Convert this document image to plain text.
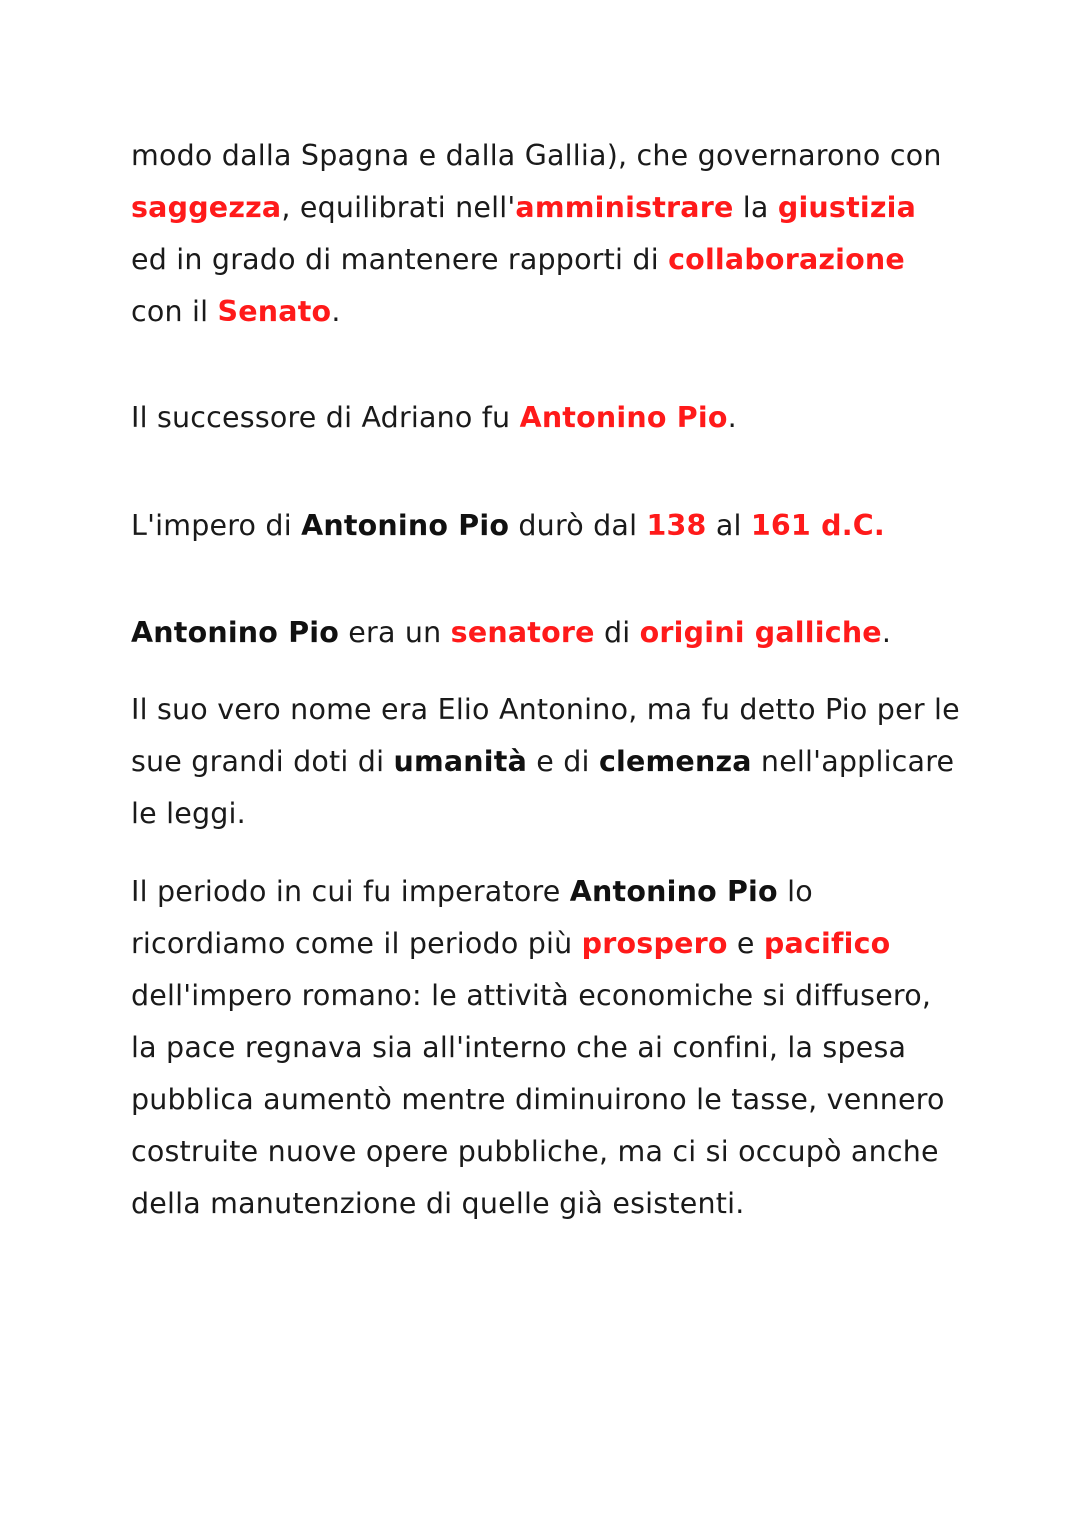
modo dalla Spagna e dalla Gallia), che governarono con saggezza, equilibrati nell'amministrare la giustizia ed in grado di mantenere rapporti di collaborazione con il Senato.

Il successore di Adriano fu Antonino Pio.

L'impero di Antonino Pio durò dal 138 al 161 d.C.

Antonino Pio era un senatore di origini galliche.

Il suo vero nome era Elio Antonino, ma fu detto Pio per le sue grandi doti di umanità e di clemenza nell'applicare le leggi.

Il periodo in cui fu imperatore Antonino Pio lo ricordiamo come il periodo più prospero e pacifico dell'impero romano: le attività economiche si diffusero, la pace regnava sia all'interno che ai confini, la spesa pubblica aumentò mentre diminuirono le tasse, vennero costruite nuove opere pubbliche, ma ci si occupò anche della manutenzione di quelle già esistenti.
